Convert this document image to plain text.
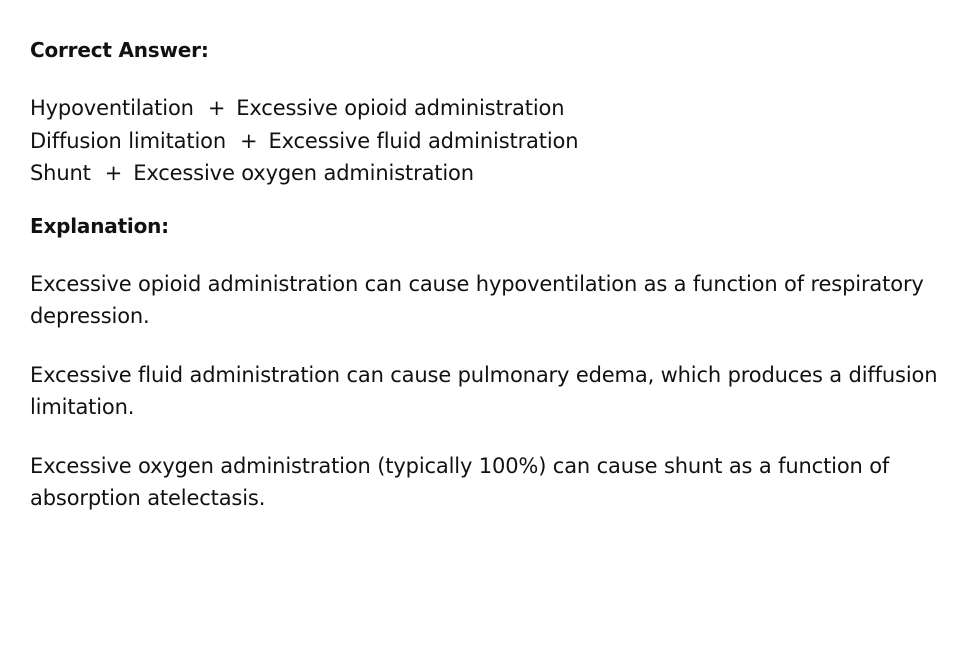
Correct Answer:
Hypoventilation + Excessive opioid administration
Diffusion limitation + Excessive fluid administration
Shunt + Excessive oxygen administration
Explanation:

Excessive opioid administration can cause hypoventilation as a function of respiratory depression.

Excessive fluid administration can cause pulmonary edema, which produces a diffusion limitation.

Excessive oxygen administration (typically 100%) can cause shunt as a function of absorption atelectasis.
